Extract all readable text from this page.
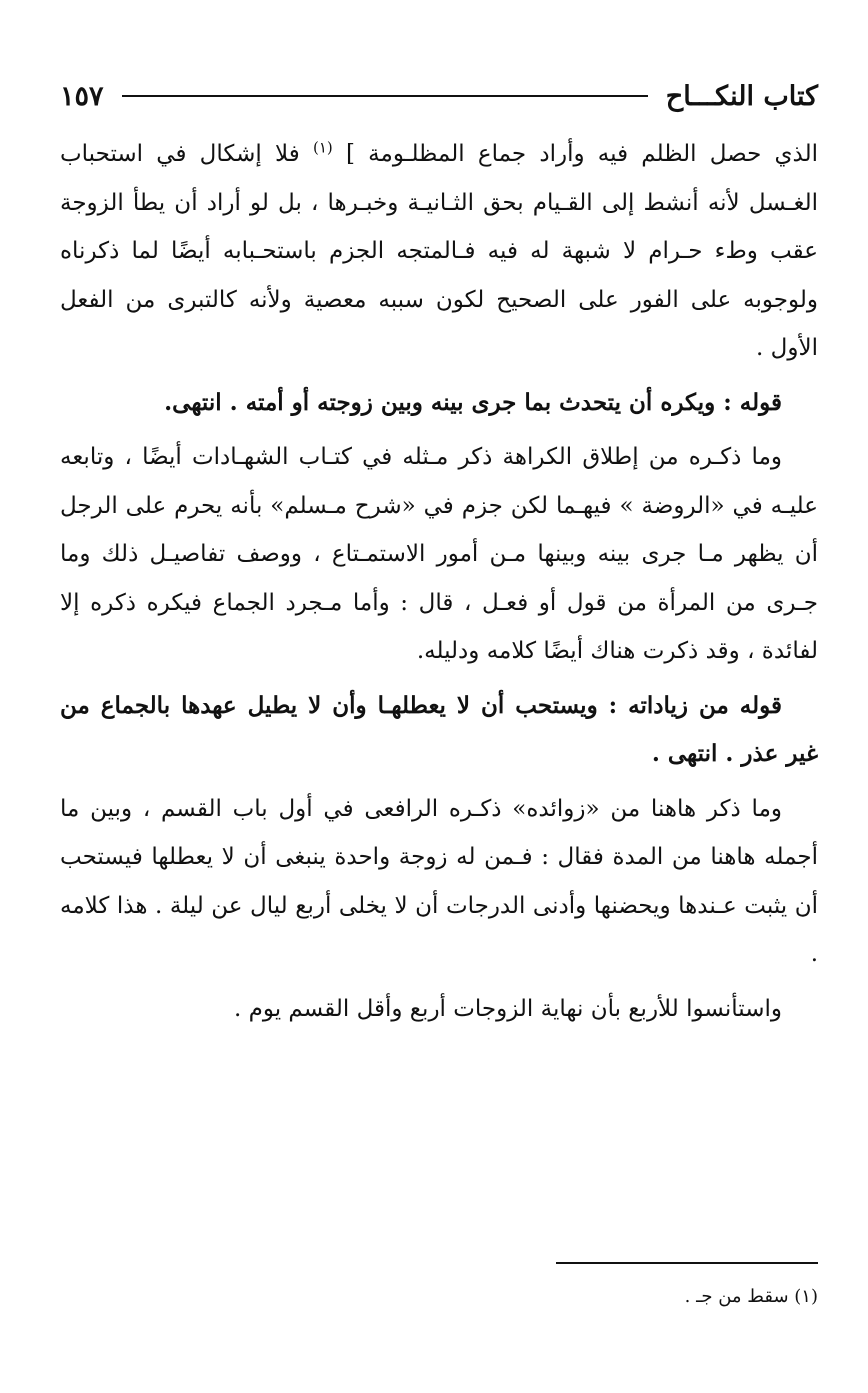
كتاب النكـــاح
١٥٧

الذي حصل الظلم فيه وأراد جماع المظلـومة ] $^{(١)}$ فلا إشكال في استحباب الغـسل لأنه أنشط إلى القـيام بحق الثـانيـة وخبـرها ، بل لو أراد أن يطأ الزوجة عقب وطء حـرام لا شبهة له فيه فـالمتجه الجزم باستحـبابه أيضًا لما ذكرناه ولوجوبه على الفور على الصحيح لكون سببه معصية ولأنه كالتبرى من الفعل الأول .

قوله : ويكره أن يتحدث بما جرى بينه وبين زوجته أو أمته . انتهى.

وما ذكـره من إطلاق الكراهة ذكر مـثله في كتـاب الشهـادات أيضًا ، وتابعه عليـه في «الروضة » فيهـما لكن جزم في «شرح مـسلم» بأنه يحرم على الرجل أن يظهر مـا جرى بينه وبينها مـن أمور الاستمـتاع ، ووصف تفاصيـل ذلك وما جـرى من المرأة من قول أو فعـل ، قال : وأما مـجرد الجماع فيكره ذكره إلا لفائدة ، وقد ذكرت هناك أيضًا كلامه ودليله.

قوله من زياداته : ويستحب أن لا يعطلهـا وأن لا يطيل عهدها بالجماع من غير عذر . انتهى .

وما ذكر هاهنا من «زوائده» ذكـره الرافعى في أول باب القسم ، وبين ما أجمله هاهنا من المدة فقال : فـمن له زوجة واحدة ينبغى أن لا يعطلها فيستحب أن يثبت عـندها ويحضنها وأدنى الدرجات أن لا يخلى أربع ليال عن ليلة . هذا كلامه .

واستأنسوا للأربع بأن نهاية الزوجات أربع وأقل القسم يوم .

(١) سقط من جـ .
